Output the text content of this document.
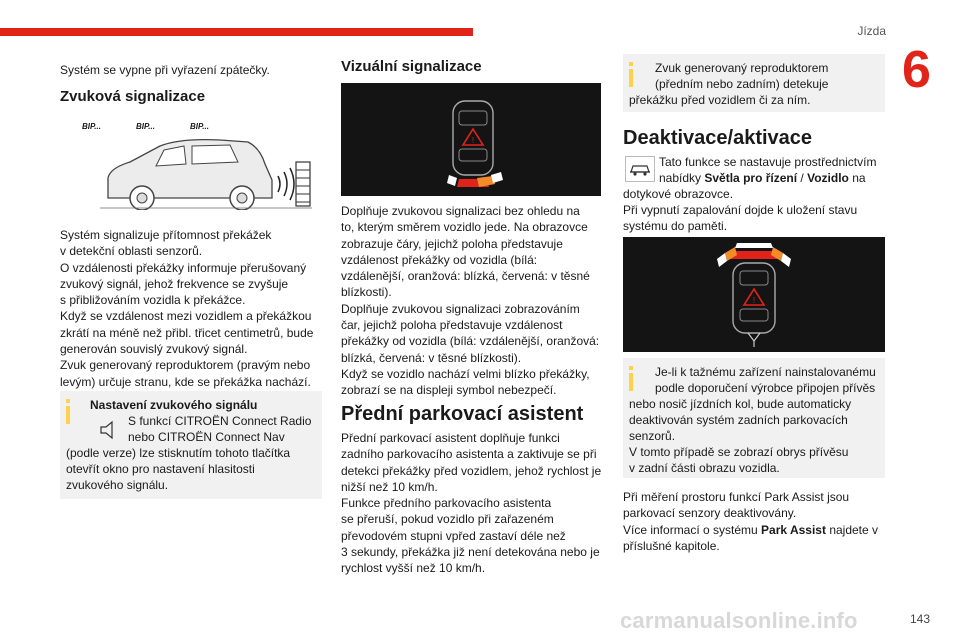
Jízda
6

Systém se vypne při vyřazení zpátečky.

Zvuková signalizace
BIP...	BIP...	BIP...

Systém signalizuje přítomnost překážek

v detekční oblasti senzorů.

O vzdálenosti překážky informuje přerušovaný

zvukový signál, jehož frekvence se zvyšuje

s přibližováním vozidla k překážce.

Když se vzdálenost mezi vozidlem a překážkou

zkrátí na méně než přibl. třicet centimetrů, bude

generován souvislý zvukový signál.

Zvuk generovaný reproduktorem (pravým nebo

levým) určuje stranu, kde se překážka nachází.

Nastavení zvukového signálu

S funkcí CITROËN Connect Radio

nebo CITROËN Connect Nav

(podle verze) lze stisknutím tohoto tlačítka

otevřít okno pro nastavení hlasitosti

zvukového signálu.

Vizuální signalizace
!

Doplňuje zvukovou signalizaci bez ohledu na

to, kterým směrem vozidlo jede. Na obrazovce

zobrazuje čáry, jejichž poloha představuje

vzdálenost překážky od vozidla (bílá:

vzdálenější, oranžová: blízká, červená: v těsné

blízkosti).

Doplňuje zvukovou signalizaci zobrazováním

čar, jejichž poloha představuje vzdálenost

překážky od vozidla (bílá: vzdálenější, oranžová:

blízká, červená: v těsné blízkosti).

Když se vozidlo nachází velmi blízko překážky,

zobrazí se na displeji symbol nebezpečí.

Přední parkovací asistent

Přední parkovací asistent doplňuje funkci

zadního parkovacího asistenta a zaktivuje se při

detekci překážky před vozidlem, jehož rychlost je

nižší než 10 km/h.

Funkce předního parkovacího asistenta

se přeruší, pokud vozidlo při zařazeném

převodovém stupni vpřed zastaví déle než

3 sekundy, překážka již není detekována nebo je

rychlost vyšší než 10 km/h.

Zvuk generovaný reproduktorem

(předním nebo zadním) detekuje

překážku před vozidlem či za ním.

Deaktivace/aktivace

Tato funkce se nastavuje prostřednictvím

nabídky Světla pro řízení / Vozidlo na

dotykové obrazovce.

Při vypnutí zapalování dojde k uložení stavu

systému do paměti.

!

Je-li k tažnému zařízení nainstalovanému

podle doporučení výrobce připojen přívěs

nebo nosič jízdních kol, bude automaticky

deaktivován systém zadních parkovacích

senzorů.

V tomto případě se zobrazí obrys přívěsu

v zadní části obrazu vozidla.

Při měření prostoru funkcí Park Assist jsou

parkovací senzory deaktivovány.

Více informací o systému Park Assist najdete v

příslušné kapitole.

carmanualsonline.info	143
